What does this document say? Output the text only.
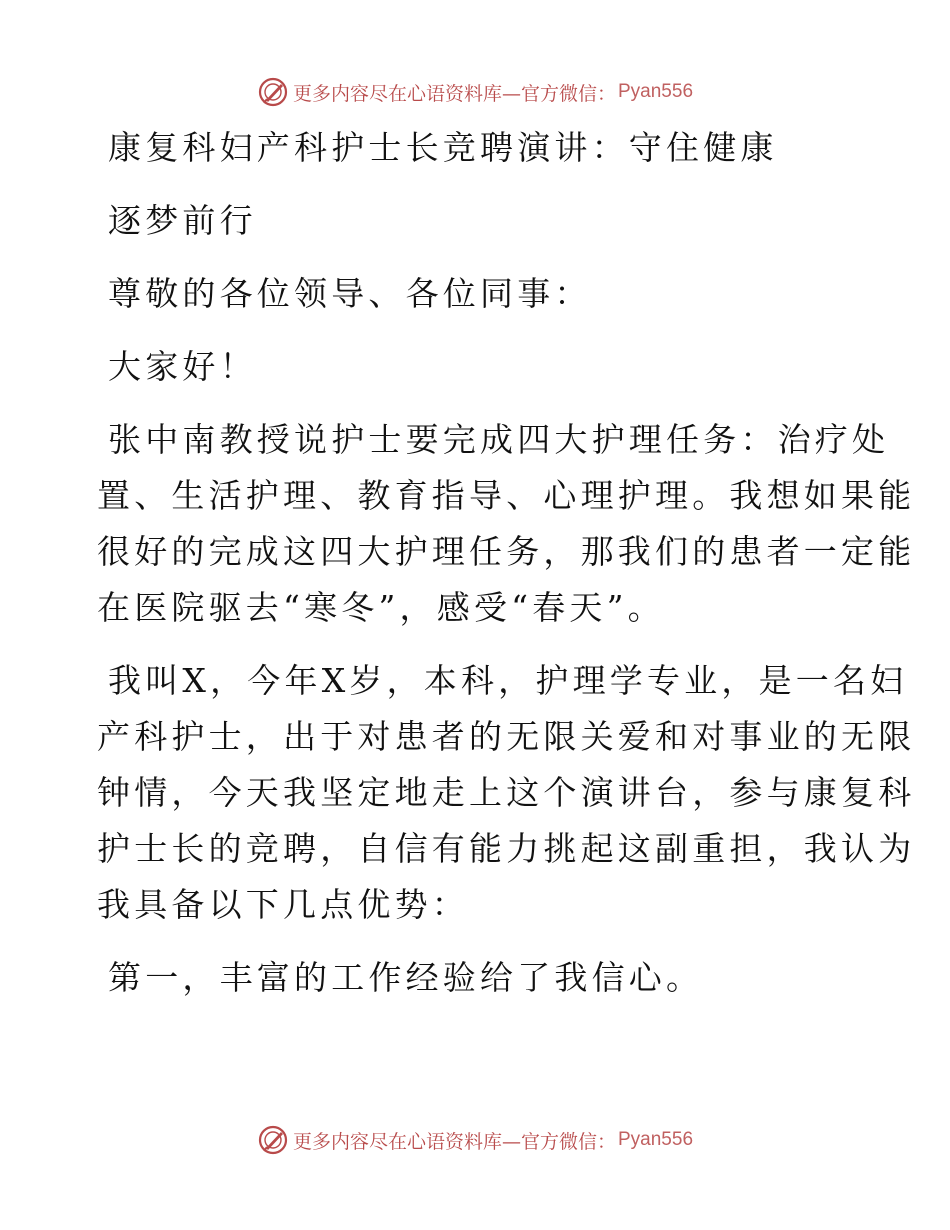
更多内容尽在心语资料库—官方微信： Pyan556

康复科妇产科护士长竞聘演讲：守住健康

逐梦前行

尊敬的各位领导、各位同事：

大家好！

张中南教授说护士要完成四大护理任务：治疗处

置、生活护理、教育指导、心理护理。我想如果能

很好的完成这四大护理任务，那我们的患者一定能

在医院驱去“寒冬”，感受“春天”。

我叫X，今年X岁，本科，护理学专业，是一名妇

产科护士，出于对患者的无限关爱和对事业的无限

钟情，今天我坚定地走上这个演讲台，参与康复科

护士长的竞聘，自信有能力挑起这副重担，我认为

我具备以下几点优势：

第一，丰富的工作经验给了我信心。

更多内容尽在心语资料库—官方微信： Pyan556
